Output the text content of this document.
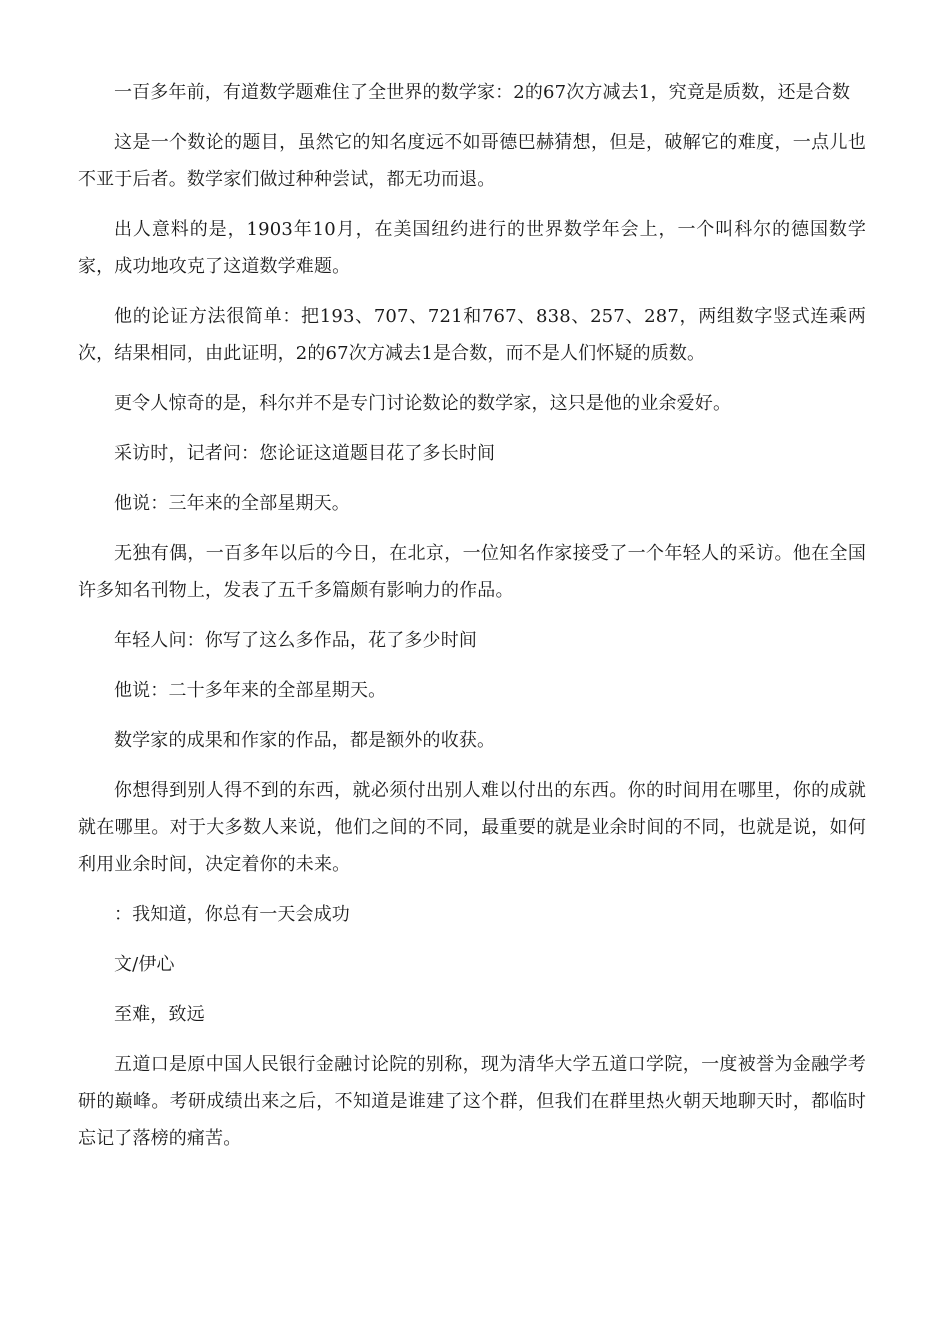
一百多年前，有道数学题难住了全世界的数学家：2的67次方减去1，究竟是质数，还是合数

这是一个数论的题目，虽然它的知名度远不如哥德巴赫猜想，但是，破解它的难度，一点儿也不亚于后者。数学家们做过种种尝试，都无功而退。

出人意料的是，1903年10月，在美国纽约进行的世界数学年会上，一个叫科尔的德国数学家，成功地攻克了这道数学难题。

他的论证方法很简单：把193、707、721和767、838、257、287，两组数字竖式连乘两次，结果相同，由此证明，2的67次方减去1是合数，而不是人们怀疑的质数。

更令人惊奇的是，科尔并不是专门讨论数论的数学家，这只是他的业余爱好。

采访时，记者问：您论证这道题目花了多长时间

他说：三年来的全部星期天。

无独有偶，一百多年以后的今日，在北京，一位知名作家接受了一个年轻人的采访。他在全国许多知名刊物上，发表了五千多篇颇有影响力的作品。

年轻人问：你写了这么多作品，花了多少时间

他说：二十多年来的全部星期天。

数学家的成果和作家的作品，都是额外的收获。

你想得到别人得不到的东西，就必须付出别人难以付出的东西。你的时间用在哪里，你的成就就在哪里。对于大多数人来说，他们之间的不同，最重要的就是业余时间的不同，也就是说，如何利用业余时间，决定着你的未来。

：我知道，你总有一天会成功

文/伊心

至难，致远

五道口是原中国人民银行金融讨论院的别称，现为清华大学五道口学院，一度被誉为金融学考研的巅峰。考研成绩出来之后，不知道是谁建了这个群，但我们在群里热火朝天地聊天时，都临时忘记了落榜的痛苦。
